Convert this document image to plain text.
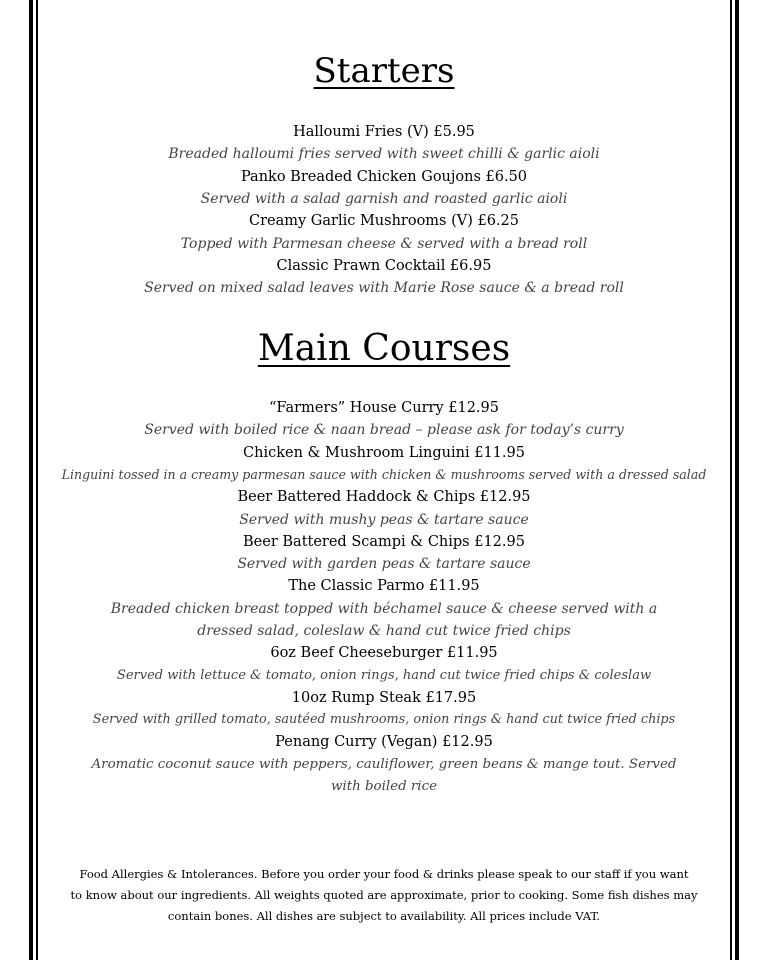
Starters
Halloumi Fries (V) £5.95
Breaded halloumi fries served with sweet chilli & garlic aioli
Panko Breaded Chicken Goujons £6.50
Served with a salad garnish and roasted garlic aioli
Creamy Garlic Mushrooms (V) £6.25
Topped with Parmesan cheese & served with a bread roll
Classic Prawn Cocktail £6.95
Served on mixed salad leaves with Marie Rose sauce & a bread roll
Main Courses
“Farmers” House Curry £12.95
Served with boiled rice & naan bread – please ask for today’s curry
Chicken & Mushroom Linguini £11.95
Linguini tossed in a creamy parmesan sauce with chicken & mushrooms served with a dressed salad
Beer Battered Haddock & Chips £12.95
Served with mushy peas & tartare sauce
Beer Battered Scampi & Chips £12.95
Served with garden peas & tartare sauce
The Classic Parmo £11.95
Breaded chicken breast topped with béchamel sauce & cheese served with a dressed salad, coleslaw & hand cut twice fried chips
6oz Beef Cheeseburger £11.95
Served with lettuce & tomato, onion rings, hand cut twice fried chips & coleslaw
10oz Rump Steak £17.95
Served with grilled tomato, sautéed mushrooms, onion rings & hand cut twice fried chips
Penang Curry (Vegan) £12.95
Aromatic coconut sauce with peppers, cauliflower, green beans & mange tout. Served with boiled rice
Food Allergies & Intolerances. Before you order your food & drinks please speak to our staff if you want
to know about our ingredients. All weights quoted are approximate, prior to cooking. Some fish dishes may
contain bones. All dishes are subject to availability. All prices include VAT.
